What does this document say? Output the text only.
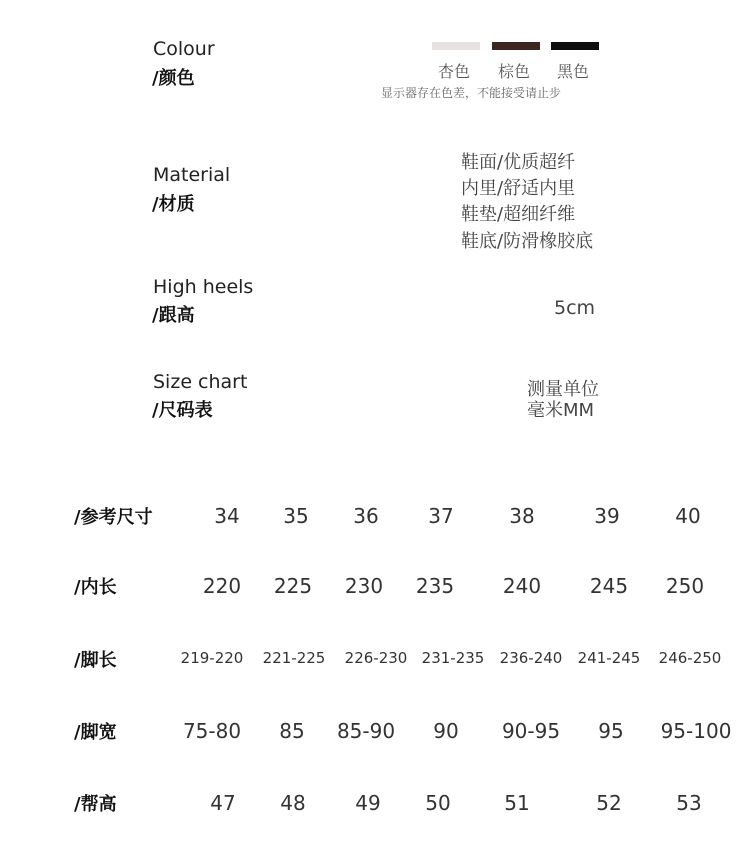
Colour
/颜色	杏色 棕色 黑色
显示器存在色差，不能接受请止步
Material
/材质
鞋面/优质超纤
内里/舒适内里
鞋垫/超细纤维
鞋底/防滑橡胶底
High heels
/跟高	5cm
Size chart
/尺码表
测量单位
毫米MM
/参考尺寸	34 35 36 37	38	39	40
/内长	220 225 230 235 240 245 250
/脚长	219-220 221-225 226-230 231-235 236-240 241-245 246-250
/脚宽	75-80 85 85-90 90 90-95 95 95-100
/帮高	47 48 49 50	51	52	53
